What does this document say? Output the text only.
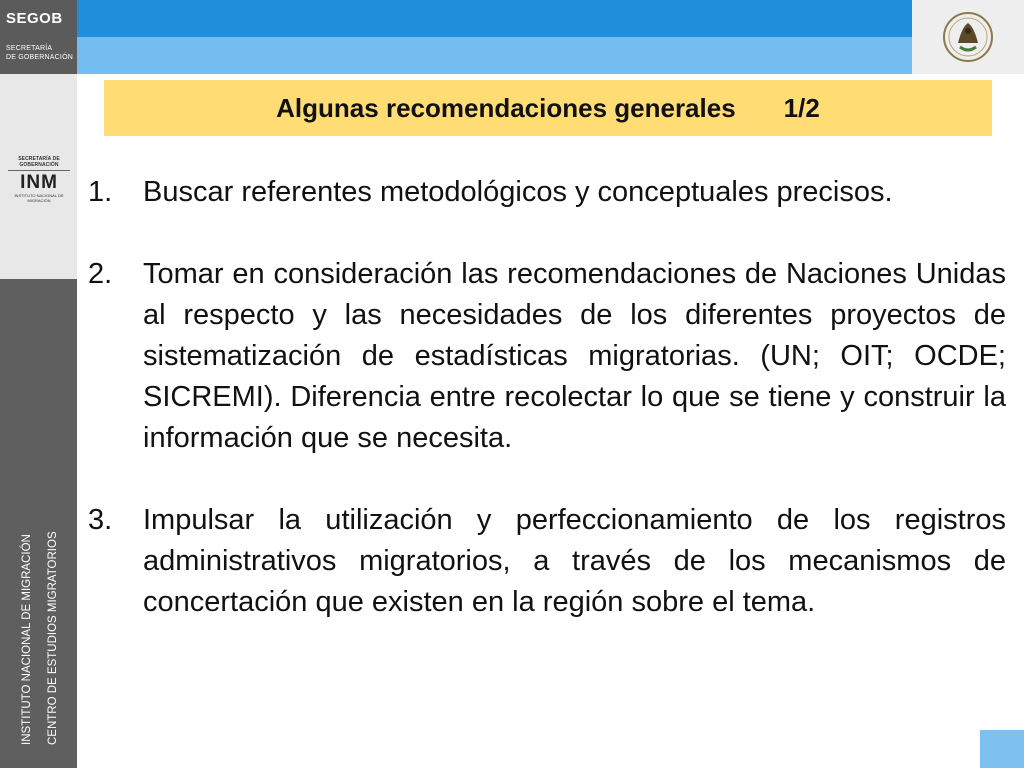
SEGOB
SECRETARÍA
DE GOBERNACIÓN
SECRETARÍA DE GOBERNACIÓN
INM
INSTITUTO NACIONAL DE MIGRACIÓN
INSTITUTO NACIONAL DE MIGRACIÓN CENTRO DE ESTUDIOS MIGRATORIOS
Algunas recomendaciones generales 1/2
1.	Buscar referentes metodológicos y conceptuales precisos.
2.	Tomar en consideración las recomendaciones de Naciones Unidas al respecto y las necesidades de los diferentes proyectos de sistematización de estadísticas migratorias. (UN; OIT; OCDE; SICREMI). Diferencia entre recolectar lo que se tiene y construir la información que se necesita.
3.	Impulsar la utilización y perfeccionamiento de los registros administrativos migratorios, a través de los mecanismos de concertación que existen en la región sobre el tema.
